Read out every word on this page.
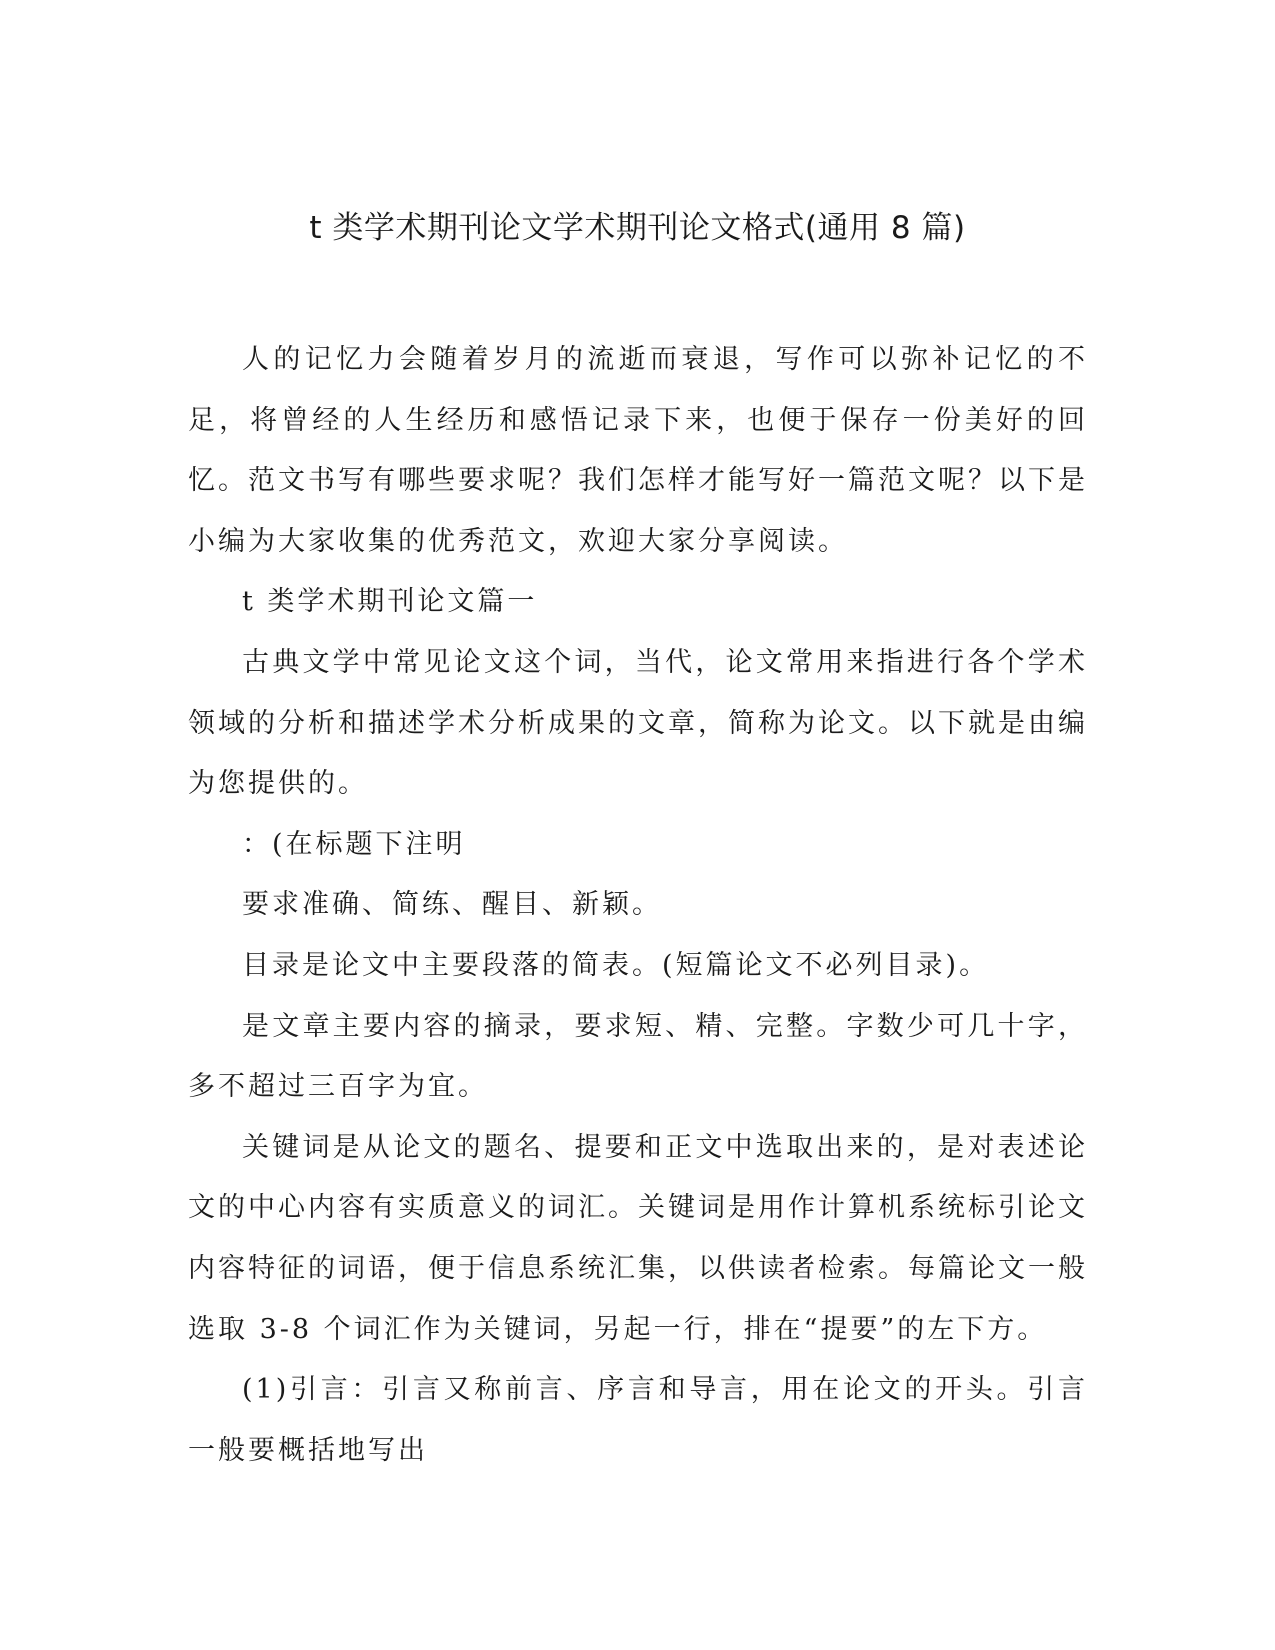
t 类学术期刊论文学术期刊论文格式(通用 8 篇)

人的记忆力会随着岁月的流逝而衰退，写作可以弥补记忆的不足，将曾经的人生经历和感悟记录下来，也便于保存一份美好的回忆。范文书写有哪些要求呢？我们怎样才能写好一篇范文呢？以下是小编为大家收集的优秀范文，欢迎大家分享阅读。

t 类学术期刊论文篇一

古典文学中常见论文这个词，当代，论文常用来指进行各个学术领域的分析和描述学术分析成果的文章，简称为论文。以下就是由编为您提供的。

：(在标题下注明

要求准确、简练、醒目、新颖。

目录是论文中主要段落的简表。(短篇论文不必列目录)。

是文章主要内容的摘录，要求短、精、完整。字数少可几十字，多不超过三百字为宜。

关键词是从论文的题名、提要和正文中选取出来的，是对表述论文的中心内容有实质意义的词汇。关键词是用作计算机系统标引论文内容特征的词语，便于信息系统汇集，以供读者检索。每篇论文一般选取 3-8 个词汇作为关键词，另起一行，排在“提要”的左下方。

(1)引言：引言又称前言、序言和导言，用在论文的开头。引言一般要概括地写出
